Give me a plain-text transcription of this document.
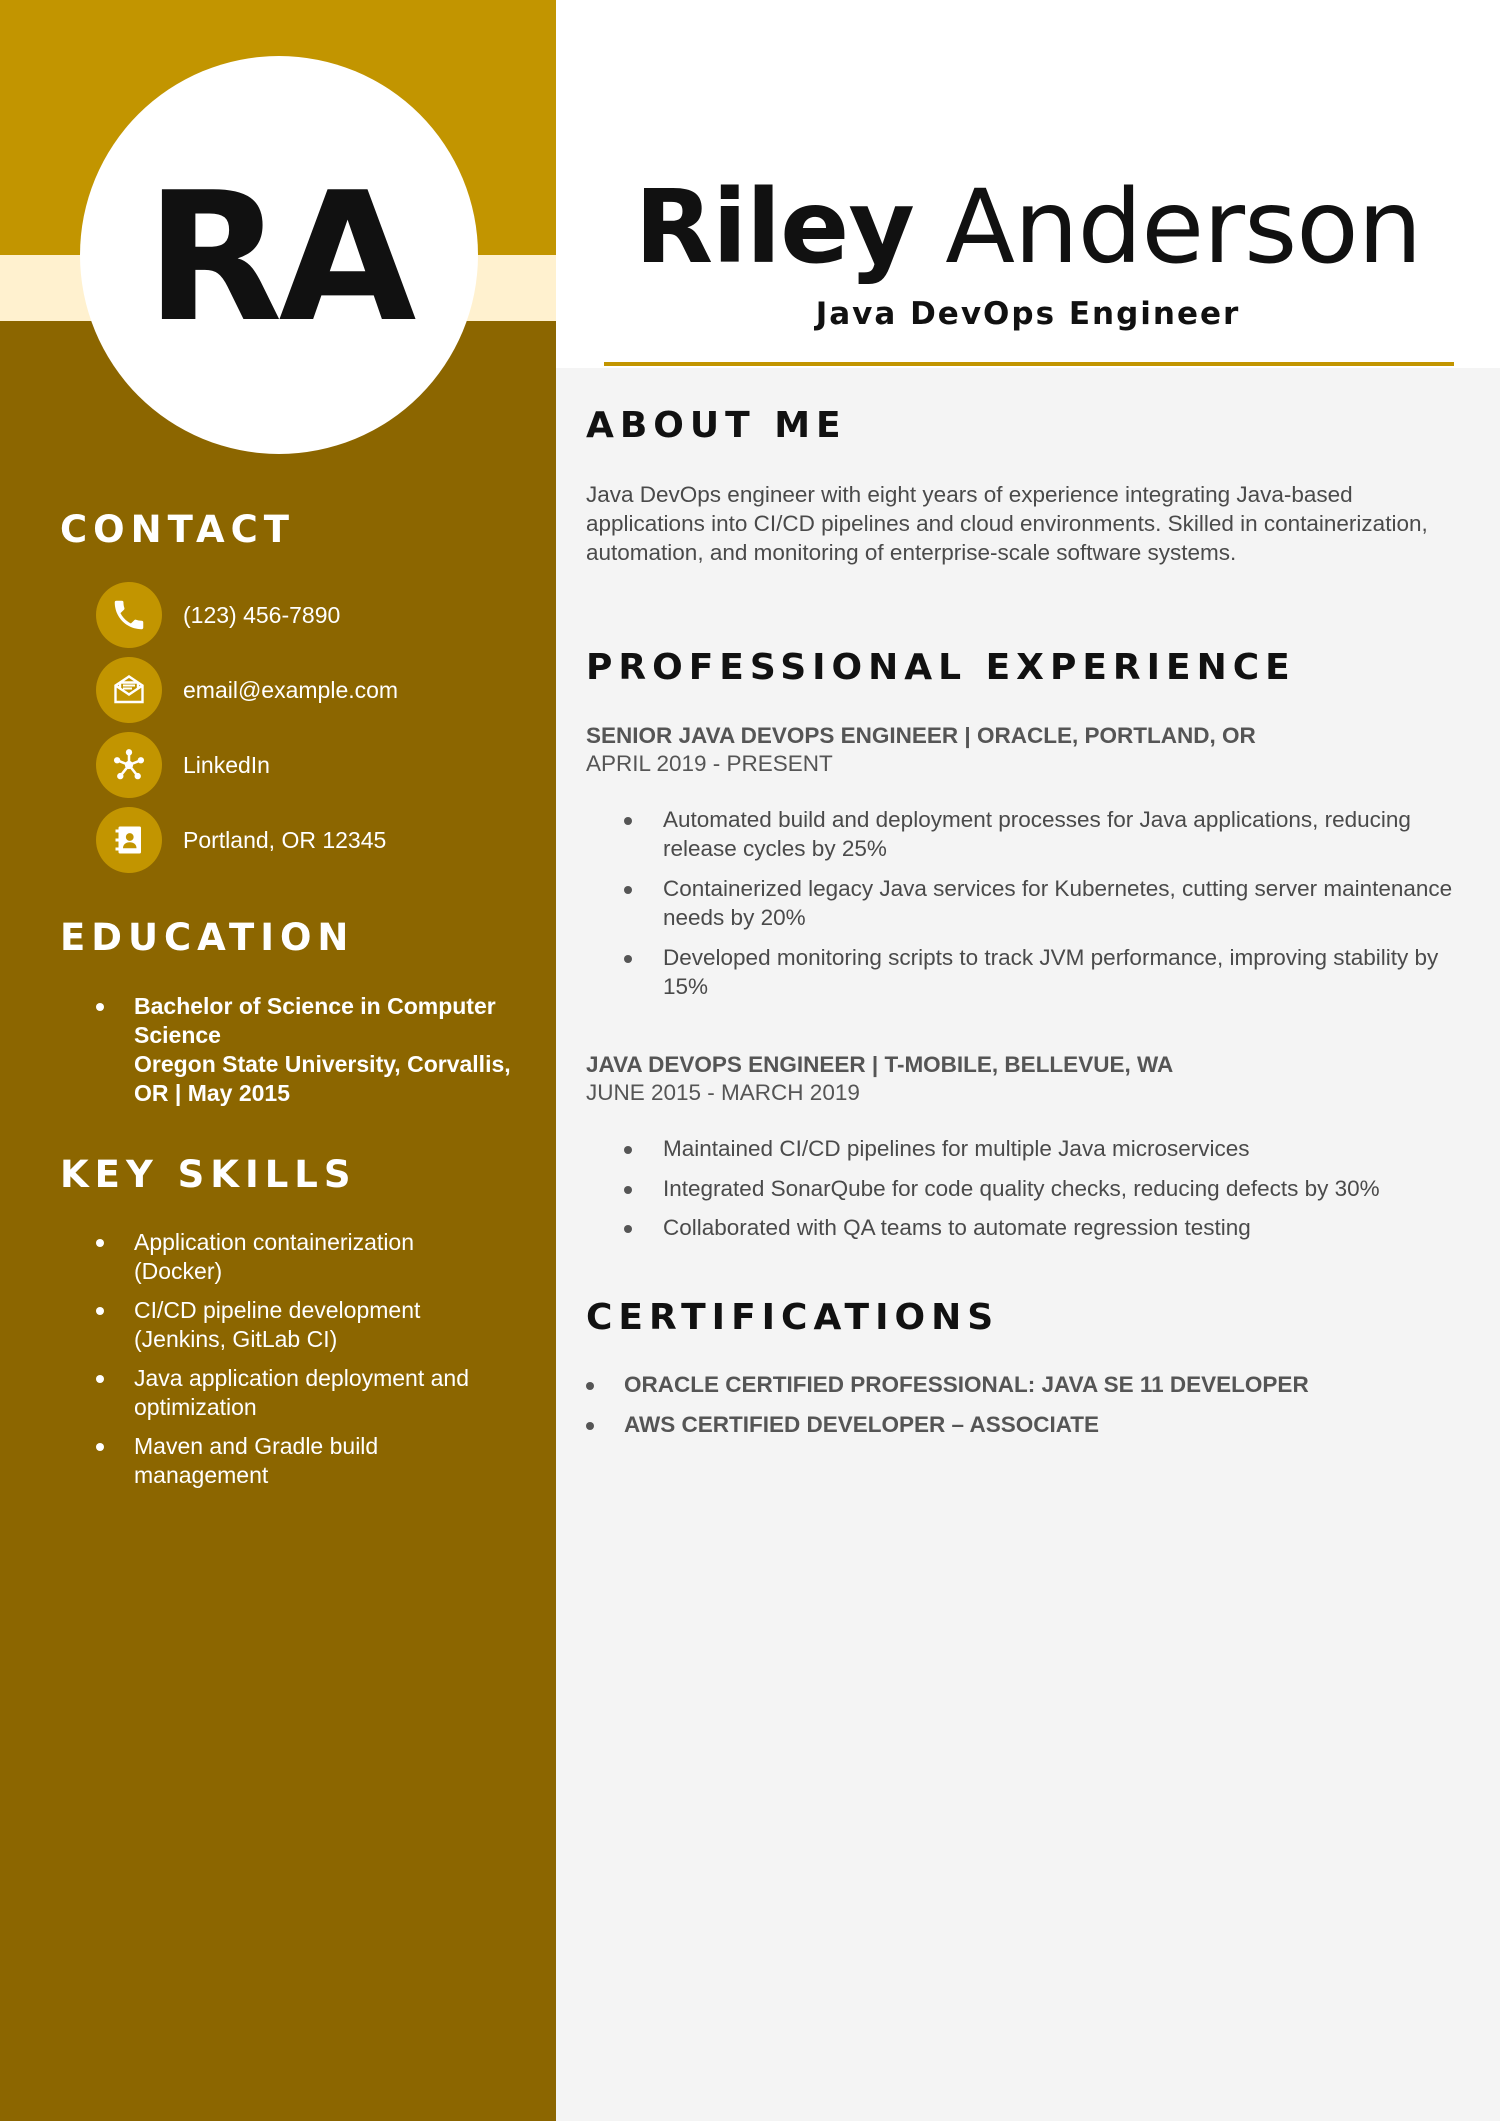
RA
CONTACT
(123) 456-7890
email@example.com
LinkedIn
Portland, OR 12345
EDUCATION
Bachelor of Science in Computer Science
Oregon State University, Corvallis, OR | May 2015
KEY SKILLS
Application containerization (Docker)
CI/CD pipeline development (Jenkins, GitLab CI)
Java application deployment and optimization
Maven and Gradle build management
Riley Anderson
Java DevOps Engineer
ABOUT ME
Java DevOps engineer with eight years of experience integrating Java-based applications into CI/CD pipelines and cloud environments. Skilled in containerization, automation, and monitoring of enterprise-scale software systems.
PROFESSIONAL EXPERIENCE
SENIOR JAVA DEVOPS ENGINEER | ORACLE, PORTLAND, OR
APRIL 2019 - PRESENT
Automated build and deployment processes for Java applications, reducing release cycles by 25%
Containerized legacy Java services for Kubernetes, cutting server maintenance needs by 20%
Developed monitoring scripts to track JVM performance, improving stability by 15%
JAVA DEVOPS ENGINEER | T-MOBILE, BELLEVUE, WA
JUNE 2015 - MARCH 2019
Maintained CI/CD pipelines for multiple Java microservices
Integrated SonarQube for code quality checks, reducing defects by 30%
Collaborated with QA teams to automate regression testing
CERTIFICATIONS
ORACLE CERTIFIED PROFESSIONAL: JAVA SE 11 DEVELOPER
AWS CERTIFIED DEVELOPER – ASSOCIATE
